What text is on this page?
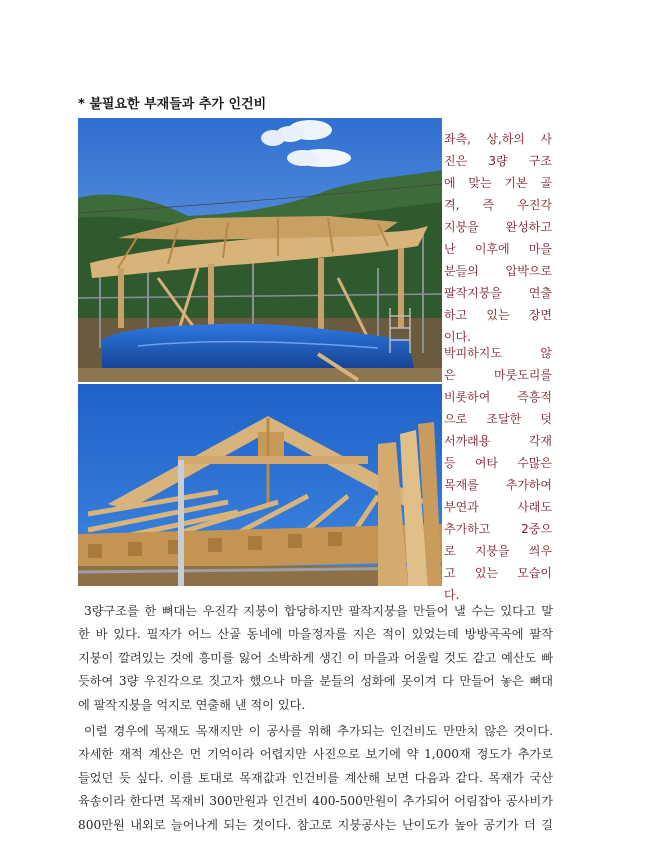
* 불필요한 부재들과 추가 인건비

좌측, 상,하의 사
진은 3량 구조
에 맞는 기본 골
격, 즉 우진각
지붕을 완성하고
난 이후에 마을
분들의 압박으로
팔작지붕을 연출
하고 있는 장면
이다.

박피하지도 않
은 마룻도리를
비롯하여 즉흥적
으로 조달한 덧
서까래용 각재
등 여타 수많은
목재를 추가하여
부연과 사래도
추가하고 2중으
로 지붕을 씌우
고 있는 모습이
다.

3량구조를 한 뼈대는 우진각 지붕이 합당하지만 팔작지붕을 만들어 낼 수는 있다고 말
한 바 있다. 필자가 어느 산골 동네에 마을정자를 지은 적이 있었는데 방방곡곡에 팔작
지붕이 깔려있는 것에 흥미를 잃어 소박하게 생긴 이 마을과 어울릴 것도 같고 예산도 빠
듯하여 3량 우진각으로 짓고자 했으나 마을 분들의 성화에 못이겨 다 만들어 놓은 뼈대
에 팔작지붕을 억지로 연출해 낸 적이 있다.

이럴 경우에 목재도 목재지만 이 공사를 위해 추가되는 인건비도 만만치 않은 것이다.
자세한 재적 계산은 먼 기억이라 어렵지만 사진으로 보기에 약 1,000재 정도가 추가로
들었던 듯 싶다. 이를 토대로 목재값과 인건비를 계산해 보면 다음과 같다. 목재가 국산
육송이라 한다면 목재비 300만원과 인건비 400-500만원이 추가되어 어림잡아 공사비가
800만원 내외로 늘어나게 되는 것이다. 참고로 지붕공사는 난이도가 높아 공기가 더 길
